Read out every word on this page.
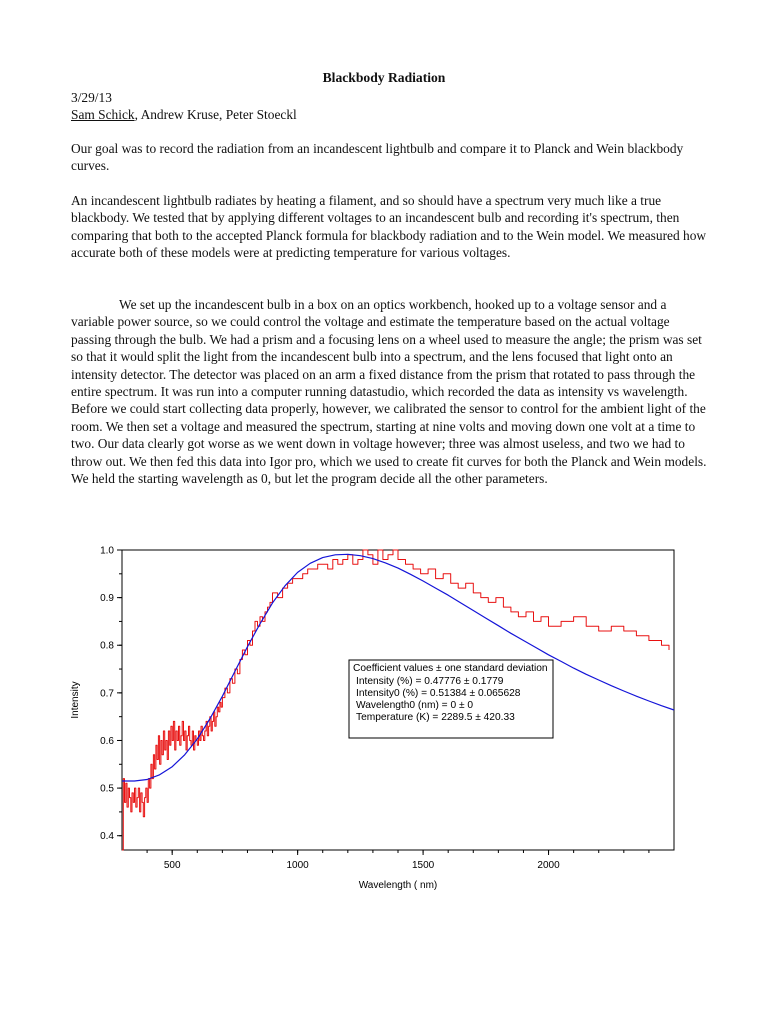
Blackbody Radiation
3/29/13
Sam Schick, Andrew Kruse, Peter Stoeckl

Our goal was to record the radiation from an incandescent lightbulb and compare it to Planck and Wein blackbody curves.

An incandescent lightbulb radiates by heating a filament, and so should have a spectrum very much like a true blackbody. We tested that by applying different voltages to an incandescent bulb and recording it's spectrum, then comparing that both to the accepted Planck formula for blackbody radiation and to the Wein model. We measured how accurate both of these models were at predicting temperature for various voltages.

We set up the incandescent bulb in a box on an optics workbench, hooked up to a voltage sensor and a variable power source, so we could control the voltage and estimate the temperature based on the actual voltage passing through the bulb. We had a prism and a focusing lens on a wheel used to measure the angle; the prism was set so that it would split the light from the incandescent bulb into a spectrum, and the lens focused that light onto an intensity detector. The detector was placed on an arm a fixed distance from the prism that rotated to pass through the entire spectrum. It was run into a computer running datastudio, which recorded the data as intensity vs wavelength. Before we could start collecting data properly, however, we calibrated the sensor to control for the ambient light of the room. We then set a voltage and measured the spectrum, starting at nine volts and moving down one volt at a time to two. Our data clearly got worse as we went down in voltage however; three was almost useless, and two we had to throw out. We then fed this data into Igor pro, which we used to create fit curves for both the Planck and Wein models. We held the starting wavelength as 0, but let the program decide all the other parameters.

0.4
0.5
0.6
0.7
0.8
0.9
1.0
500	1000	1500	2000
Intensity
Wavelength ( nm)
Coefficient values ± one standard deviation
Intensity (%) = 0.47776 ± 0.1779
Intensity0 (%) = 0.51384 ± 0.065628
Wavelength0 (nm) = 0 ± 0
Temperature (K) = 2289.5 ± 420.33
